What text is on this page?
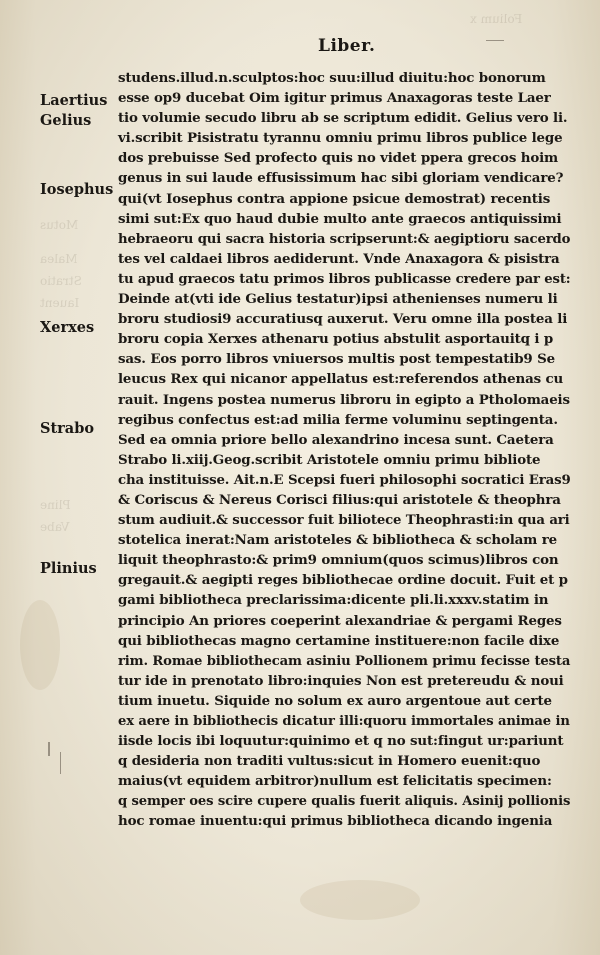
Folium x
Motus
Malea
Stratio
Iauent
Pline
Vabe
Liber.
Laertius
Gelius
Iosephus
Xerxes
Strabo
Plinius
studens.illud.n.sculptos:hoc suu:illud diuitu:hoc bonorum
esse op9 ducebat Oim igitur primus Anaxagoras teste Laer
tio volumie secudo libru ab se scriptum edidit. Gelius vero li.
vi.scribit Pisistratu tyrannu omniu primu libros publice lege
dos prebuisse Sed profecto quis no videt ppera grecos hoim
genus in sui laude effusissimum hac sibi gloriam vendicare?
qui(vt Iosephus contra appione psicue demostrat) recentis
simi sut:Ex quo haud dubie multo ante graecos antiquissimi
hebraeoru qui sacra historia scripserunt:& aegiptioru sacerdo
tes vel caldaei libros aediderunt. Vnde Anaxagora & pisistra
tu apud graecos tatu primos libros publicasse credere par est:
Deinde at(vti ide Gelius testatur)ipsi athenienses numeru li
broru studiosi9 accuratiusq auxerut. Veru omne illa postea li
broru copia Xerxes athenaru potius abstulit asportauitq i p
sas. Eos porro libros vniuersos multis post tempestatib9 Se
leucus Rex qui nicanor appellatus est:referendos athenas cu
rauit. Ingens postea numerus libroru in egipto a Ptholomaeis
regibus confectus est:ad milia ferme voluminu septingenta.
Sed ea omnia priore bello alexandrino incesa sunt. Caetera
Strabo li.xiij.Geog.scribit Aristotele omniu primu bibliote
cha instituisse. Ait.n.E Scepsi fueri philosophi socratici Eras9
& Coriscus & Nereus Corisci filius:qui aristotele & theophra
stum audiuit.& successor fuit biliotece Theophrasti:in qua ari
stotelica inerat:Nam aristoteles & bibliotheca & scholam re
liquit theophrasto:& prim9 omnium(quos scimus)libros con
gregauit.& aegipti reges bibliothecae ordine docuit. Fuit et p
gami bibliotheca preclarissima:dicente pli.li.xxxv.statim in
principio An priores coeperint alexandriae & pergami Reges
qui bibliothecas magno certamine instituere:non facile dixe
rim. Romae bibliothecam asiniu Pollionem primu fecisse testa
tur ide in prenotato libro:inquies Non est pretereudu & noui
tium inuetu. Siquide no solum ex auro argentoue aut certe
ex aere in bibliothecis dicatur illi:quoru immortales animae in
iisde locis ibi loquutur:quinimo et q no sut:fingut ur:pariunt
q desideria non traditi vultus:sicut in Homero euenit:quo
maius(vt equidem arbitror)nullum est felicitatis specimen:
q semper oes scire cupere qualis fuerit aliquis. Asinij pollionis
hoc romae inuentu:qui primus bibliotheca dicando ingenia
